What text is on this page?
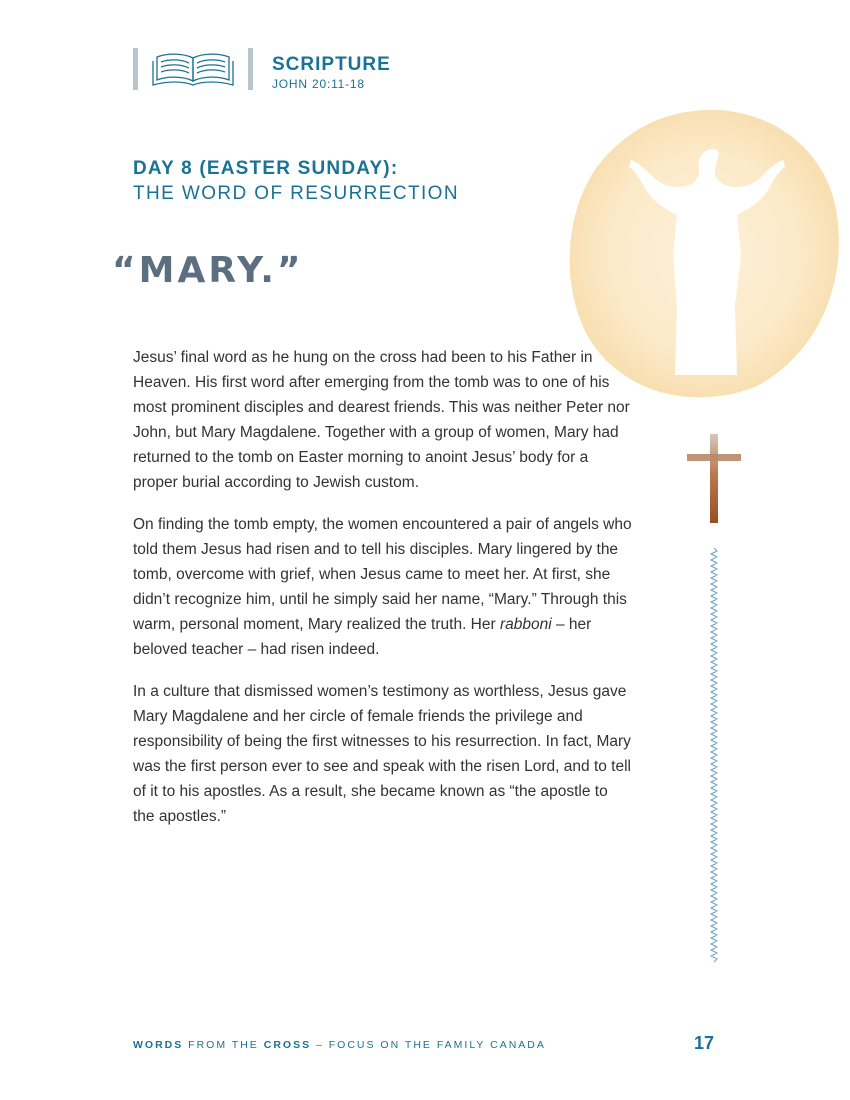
SCRIPTURE
JOHN 20:11-18
DAY 8 (EASTER SUNDAY):
THE WORD OF RESURRECTION
“MARY.”

Jesus’ final word as he hung on the cross had been to his Father in Heaven. His first word after emerging from the tomb was to one of his most prominent disciples and dearest friends. This was neither Peter nor John, but Mary Magdalene. Together with a group of women, Mary had returned to the tomb on Easter morning to anoint Jesus’ body for a proper burial according to Jewish custom.

On finding the tomb empty, the women encountered a pair of angels who told them Jesus had risen and to tell his disciples. Mary lingered by the tomb, overcome with grief, when Jesus came to meet her. At first, she didn’t recognize him, until he simply said her name, “Mary.” Through this warm, personal moment, Mary realized the truth. Her rabboni – her beloved teacher – had risen indeed.

In a culture that dismissed women’s testimony as worthless, Jesus gave Mary Magdalene and her circle of female friends the privilege and responsibility of being the first witnesses to his resurrection. In fact, Mary was the first person ever to see and speak with the risen Lord, and to tell of it to his apostles. As a result, she became known as “the apostle to the apostles.”

WORDS FROM THE CROSS – FOCUS ON THE FAMILY CANADA	17
